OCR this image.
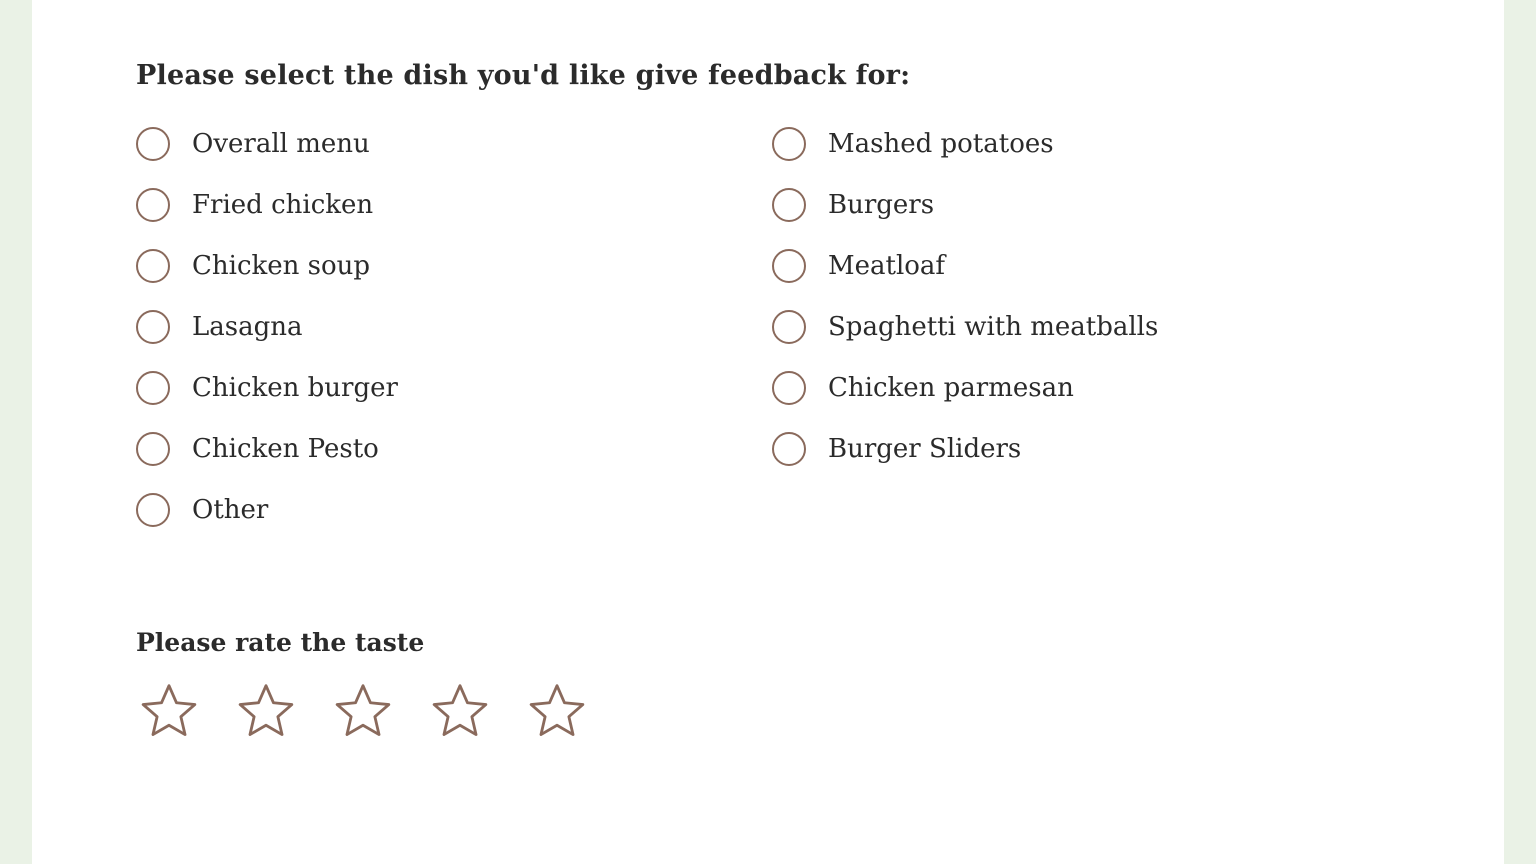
Please select the dish you'd like give feedback for:
Overall menu
Fried chicken
Chicken soup
Lasagna
Chicken burger
Chicken Pesto
Other
Mashed potatoes
Burgers
Meatloaf
Spaghetti with meatballs
Chicken parmesan
Burger Sliders
Please rate the taste
